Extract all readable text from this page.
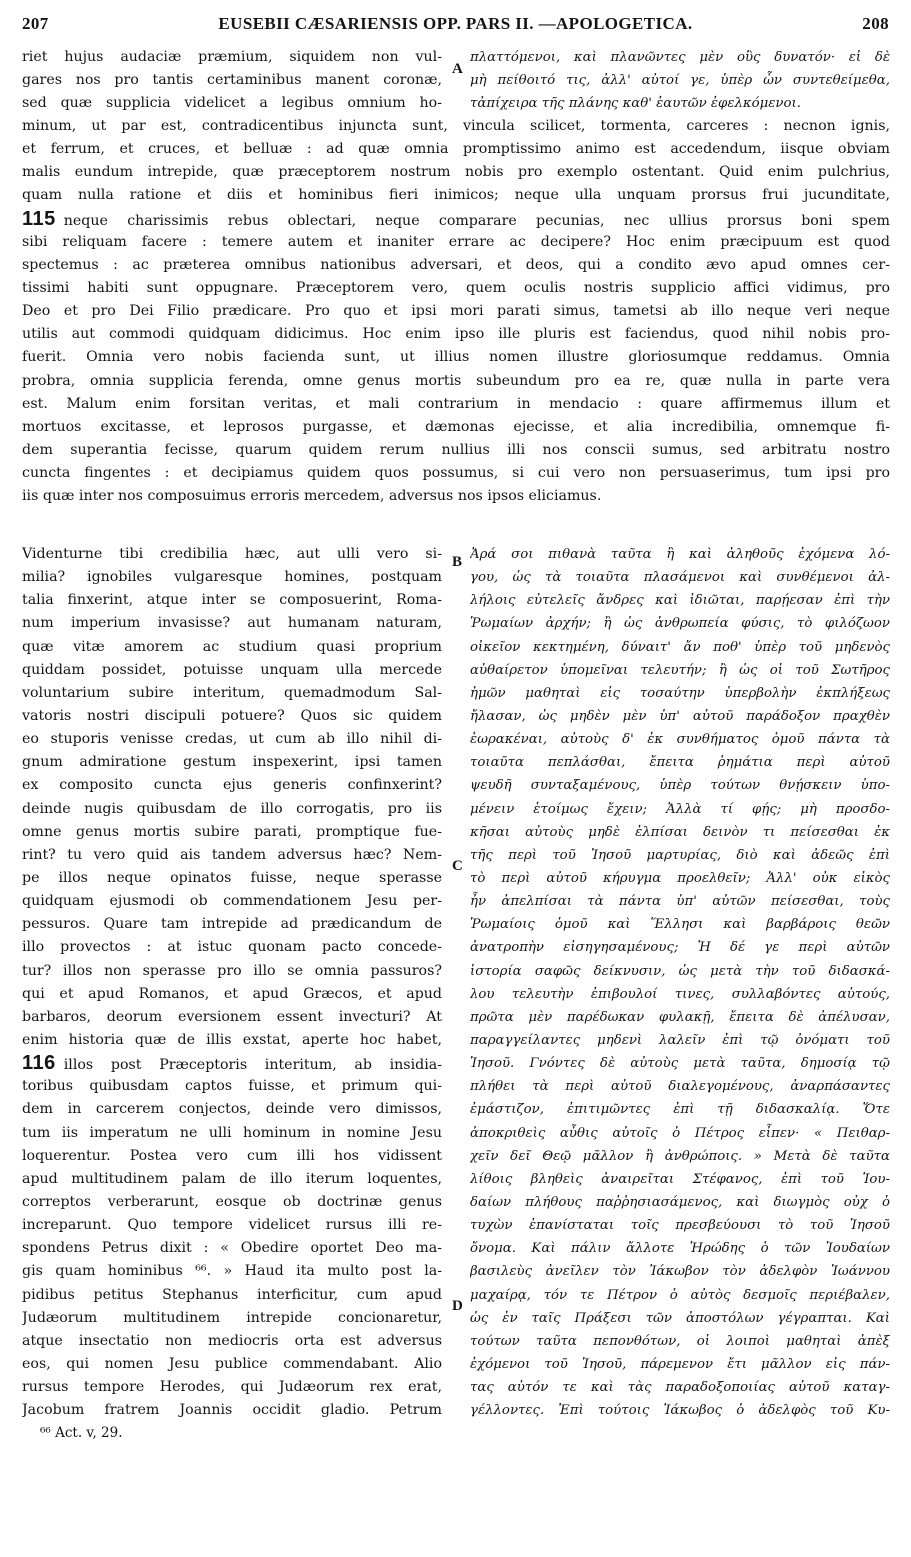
207	EUSEBII CÆSARIENSIS OPP. PARS II. —APOLOGETICA.	208
riet hujus audaciæ præmium, siquidem non vul-
gares nos pro tantis certaminibus manent coronæ,
sed quæ supplicia videlicet a legibus omnium ho-
A
πλαττόμενοι, καὶ πλανῶντες μὲν οὓς δυνατόν· εἰ δὲ
μὴ πείθοιτό τις, ἀλλ' αὐτοί γε, ὑπὲρ ὧν συντεθείμεθα,
τἀπίχειρα τῆς πλάνης καθ' ἑαυτῶν ἐφελκόμενοι.
minum, ut par est, contradicentibus injuncta sunt, vincula scilicet, tormenta, carceres : necnon ignis,
et ferrum, et cruces, et belluæ : ad quæ omnia promptissimo animo est accedendum, iisque obviam
malis eundum intrepide, quæ præceptorem nostrum nobis pro exemplo ostentant. Quid enim pulchrius,
quam nulla ratione et diis et hominibus fieri inimicos; neque ulla unquam prorsus frui jucunditate,
115 neque charissimis rebus oblectari, neque comparare pecunias, nec ullius prorsus boni spem
sibi reliquam facere : temere autem et inaniter errare ac decipere? Hoc enim præcipuum est quod
spectemus : ac præterea omnibus nationibus adversari, et deos, qui a condito ævo apud omnes cer-
tissimi habiti sunt oppugnare. Præceptorem vero, quem oculis nostris supplicio affici vidimus, pro
Deo et pro Dei Filio prædicare. Pro quo et ipsi mori parati simus, tametsi ab illo neque veri neque
utilis aut commodi quidquam didicimus. Hoc enim ipso ille pluris est faciendus, quod nihil nobis pro-
fuerit. Omnia vero nobis facienda sunt, ut illius nomen illustre gloriosumque reddamus. Omnia
probra, omnia supplicia ferenda, omne genus mortis subeundum pro ea re, quæ nulla in parte vera
est. Malum enim forsitan veritas, et mali contrarium in mendacio : quare affirmemus illum et
mortuos excitasse, et leprosos purgasse, et dæmonas ejecisse, et alia incredibilia, omnemque fi-
dem superantia fecisse, quarum quidem rerum nullius illi nos conscii sumus, sed arbitratu nostro
cuncta fingentes : et decipiamus quidem quos possumus, si cui vero non persuaserimus, tum ipsi pro
iis quæ inter nos composuimus erroris mercedem, adversus nos ipsos eliciamus.
B
C
D
Videnturne tibi credibilia hæc, aut ulli vero si-
milia? ignobiles vulgaresque homines, postquam
talia finxerint, atque inter se composuerint, Roma-
num imperium invasisse? aut humanam naturam,
quæ vitæ amorem ac studium quasi proprium
quiddam possidet, potuisse unquam ulla mercede
voluntarium subire interitum, quemadmodum Sal-
vatoris nostri discipuli potuere? Quos sic quidem
eo stuporis venisse credas, ut cum ab illo nihil di-
gnum admiratione gestum inspexerint, ipsi tamen
ex composito cuncta ejus generis confinxerint?
deinde nugis quibusdam de illo corrogatis, pro iis
omne genus mortis subire parati, promptique fue-
rint? tu vero quid ais tandem adversus hæc? Nem-
pe illos neque opinatos fuisse, neque sperasse
quidquam ejusmodi ob commendationem Jesu per-
pessuros. Quare tam intrepide ad prædicandum de
illo provectos : at istuc quonam pacto concede-
tur? illos non sperasse pro illo se omnia passuros?
qui et apud Romanos, et apud Græcos, et apud
barbaros, deorum eversionem essent invecturi? At
enim historia quæ de illis exstat, aperte hoc habet,
116 illos post Præceptoris interitum, ab insidia-
toribus quibusdam captos fuisse, et primum qui-
dem in carcerem conjectos, deinde vero dimissos,
tum iis imperatum ne ulli hominum in nomine Jesu
loquerentur. Postea vero cum illi hos vidissent
apud multitudinem palam de illo iterum loquentes,
correptos verberarunt, eosque ob doctrinæ genus
increparunt. Quo tempore videlicet rursus illi re-
spondens Petrus dixit : « Obedire oportet Deo ma-
gis quam hominibus ⁶⁶. » Haud ita multo post la-
pidibus petitus Stephanus interficitur, cum apud
Judæorum multitudinem intrepide concionaretur,
atque insectatio non mediocris orta est adversus
eos, qui nomen Jesu publice commendabant. Alio
rursus tempore Herodes, qui Judæorum rex erat,
Jacobum fratrem Joannis occidit gladio. Petrum
Ἀρά σοι πιθανὰ ταῦτα ἢ καὶ ἀληθοῦς ἐχόμενα λό-
γου, ὡς τὰ τοιαῦτα πλασάμενοι καὶ συνθέμενοι ἀλ-
λήλοις εὐτελεῖς ἄνδρες καὶ ἰδιῶται, παρῄεσαν ἐπὶ τὴν
Ῥωμαίων ἀρχήν; ἢ ὡς ἀνθρωπεία φύσις, τὸ φιλόζωον
οἰκεῖον κεκτημένη, δύναιτ' ἄν ποθ' ὑπὲρ τοῦ μηδενὸς
αὐθαίρετον ὑπομεῖναι τελευτήν; ἢ ὡς οἱ τοῦ Σωτῆρος
ἡμῶν μαθηταὶ εἰς τοσαύτην ὑπερβολὴν ἐκπλήξεως
ἤλασαν, ὡς μηδὲν μὲν ὑπ' αὐτοῦ παράδοξον πραχθὲν
ἑωρακέναι, αὐτοὺς δ' ἐκ συνθήματος ὁμοῦ πάντα τὰ
τοιαῦτα πεπλάσθαι, ἔπειτα ῥημάτια περὶ αὐτοῦ
ψευδῆ συνταξαμένους, ὑπὲρ τούτων θνῄσκειν ὑπο-
μένειν ἑτοίμως ἔχειν; Ἀλλὰ τί φῄς; μὴ προσδο-
κῆσαι αὐτοὺς μηδὲ ἐλπίσαι δεινὸν τι πείσεσθαι ἐκ
τῆς περὶ τοῦ Ἰησοῦ μαρτυρίας, διὸ καὶ ἀδεῶς ἐπὶ
τὸ περὶ αὐτοῦ κήρυγμα προελθεῖν; Ἀλλ' οὐκ εἰκὸς
ἦν ἀπελπίσαι τὰ πάντα ὑπ' αὐτῶν πείσεσθαι, τοὺς
Ῥωμαίοις ὁμοῦ καὶ Ἕλλησι καὶ βαρβάροις θεῶν
ἀνατροπὴν εἰσηγησαμένους; Ἡ δέ γε περὶ αὐτῶν
ἱστορία σαφῶς δείκνυσιν, ὡς μετὰ τὴν τοῦ διδασκά-
λου τελευτὴν ἐπιβουλοί τινες, συλλαβόντες αὐτούς,
πρῶτα μὲν παρέδωκαν φυλακῇ, ἔπειτα δὲ ἀπέλυσαν,
παραγγείλαντες μηδενὶ λαλεῖν ἐπὶ τῷ ὀνόματι τοῦ
Ἰησοῦ. Γνόντες δὲ αὐτοὺς μετὰ ταῦτα, δημοσίᾳ τῷ
πλήθει τὰ περὶ αὐτοῦ διαλεγομένους, ἀναρπάσαντες
ἐμάστιζον, ἐπιτιμῶντες ἐπὶ τῇ διδασκαλίᾳ. Ὅτε
ἀποκριθεὶς αὖθις αὐτοῖς ὁ Πέτρος εἶπεν· « Πειθαρ-
χεῖν δεῖ Θεῷ μᾶλλον ἢ ἀνθρώποις. » Μετὰ δὲ ταῦτα
λίθοις βληθεὶς ἀναιρεῖται Στέφανος, ἐπὶ τοῦ Ἰου-
δαίων πλήθους παῤῥησιασάμενος, καὶ διωγμὸς οὐχ ὁ
τυχὼν ἐπανίσταται τοῖς πρεσβεύουσι τὸ τοῦ Ἰησοῦ
ὄνομα. Καὶ πάλιν ἄλλοτε Ἡρώδης ὁ τῶν Ἰουδαίων
βασιλεὺς ἀνεῖλεν τὸν Ἰάκωβον τὸν ἀδελφὸν Ἰωάννου
μαχαίρᾳ, τόν τε Πέτρον ὁ αὐτὸς δεσμοῖς περιέβαλεν,
ὡς ἐν ταῖς Πράξεσι τῶν ἀποστόλων γέγραπται. Καὶ
τούτων ταῦτα πεπονθότων, οἱ λοιποὶ μαθηταὶ ἁπὲξ
ἐχόμενοι τοῦ Ἰησοῦ, πάρεμενον ἔτι μᾶλλον εἰς πάν-
τας αὐτόν τε καὶ τὰς παραδοξοποιίας αὐτοῦ καταγ-
γέλλοντες. Ἐπὶ τούτοις Ἰάκωβος ὁ ἀδελφὸς τοῦ Κυ-
⁶⁶ Act. v, 29.
